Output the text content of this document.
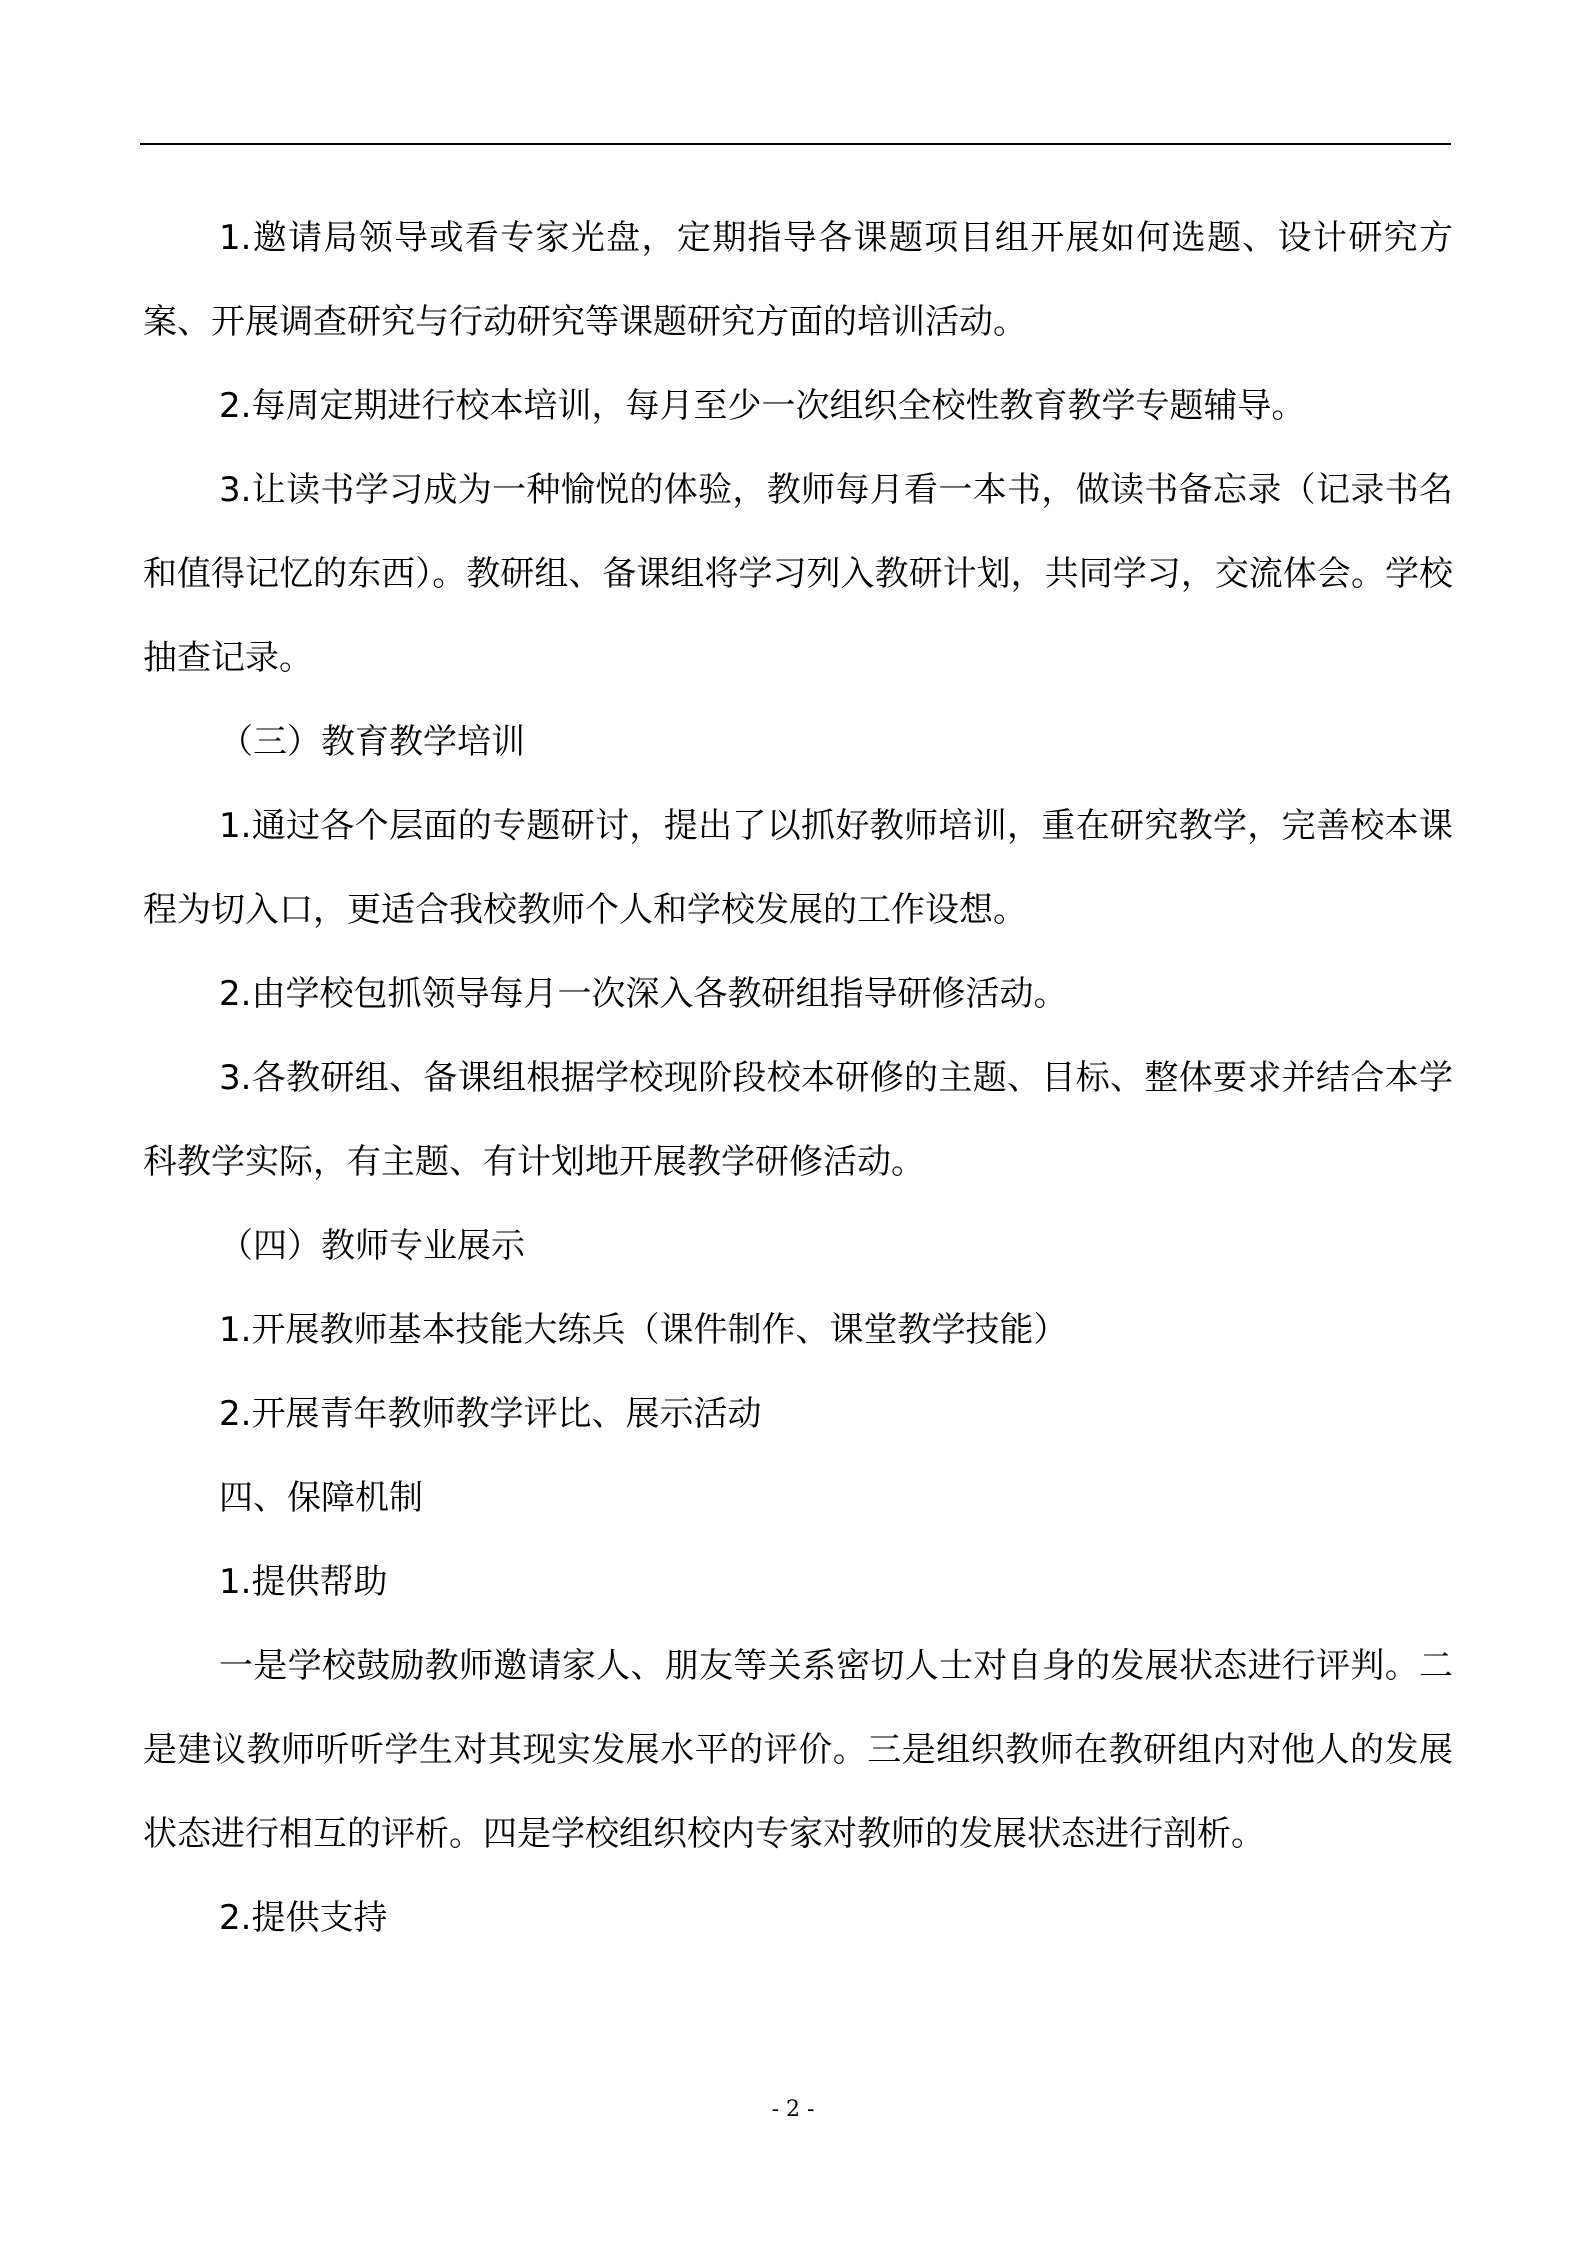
1.邀请局领导或看专家光盘，定期指导各课题项目组开展如何选题、设计研究方案、开展调查研究与行动研究等课题研究方面的培训活动。

2.每周定期进行校本培训，每月至少一次组织全校性教育教学专题辅导。

3.让读书学习成为一种愉悦的体验，教师每月看一本书，做读书备忘录（记录书名和值得记忆的东西）。教研组、备课组将学习列入教研计划，共同学习，交流体会。学校抽查记录。

（三）教育教学培训

1.通过各个层面的专题研讨，提出了以抓好教师培训，重在研究教学，完善校本课程为切入口，更适合我校教师个人和学校发展的工作设想。

2.由学校包抓领导每月一次深入各教研组指导研修活动。

3.各教研组、备课组根据学校现阶段校本研修的主题、目标、整体要求并结合本学科教学实际，有主题、有计划地开展教学研修活动。

（四）教师专业展示

1.开展教师基本技能大练兵（课件制作、课堂教学技能）

2.开展青年教师教学评比、展示活动

四、保障机制

1.提供帮助

一是学校鼓励教师邀请家人、朋友等关系密切人士对自身的发展状态进行评判。二是建议教师听听学生对其现实发展水平的评价。三是组织教师在教研组内对他人的发展状态进行相互的评析。四是学校组织校内专家对教师的发展状态进行剖析。

2.提供支持

- 2 -
